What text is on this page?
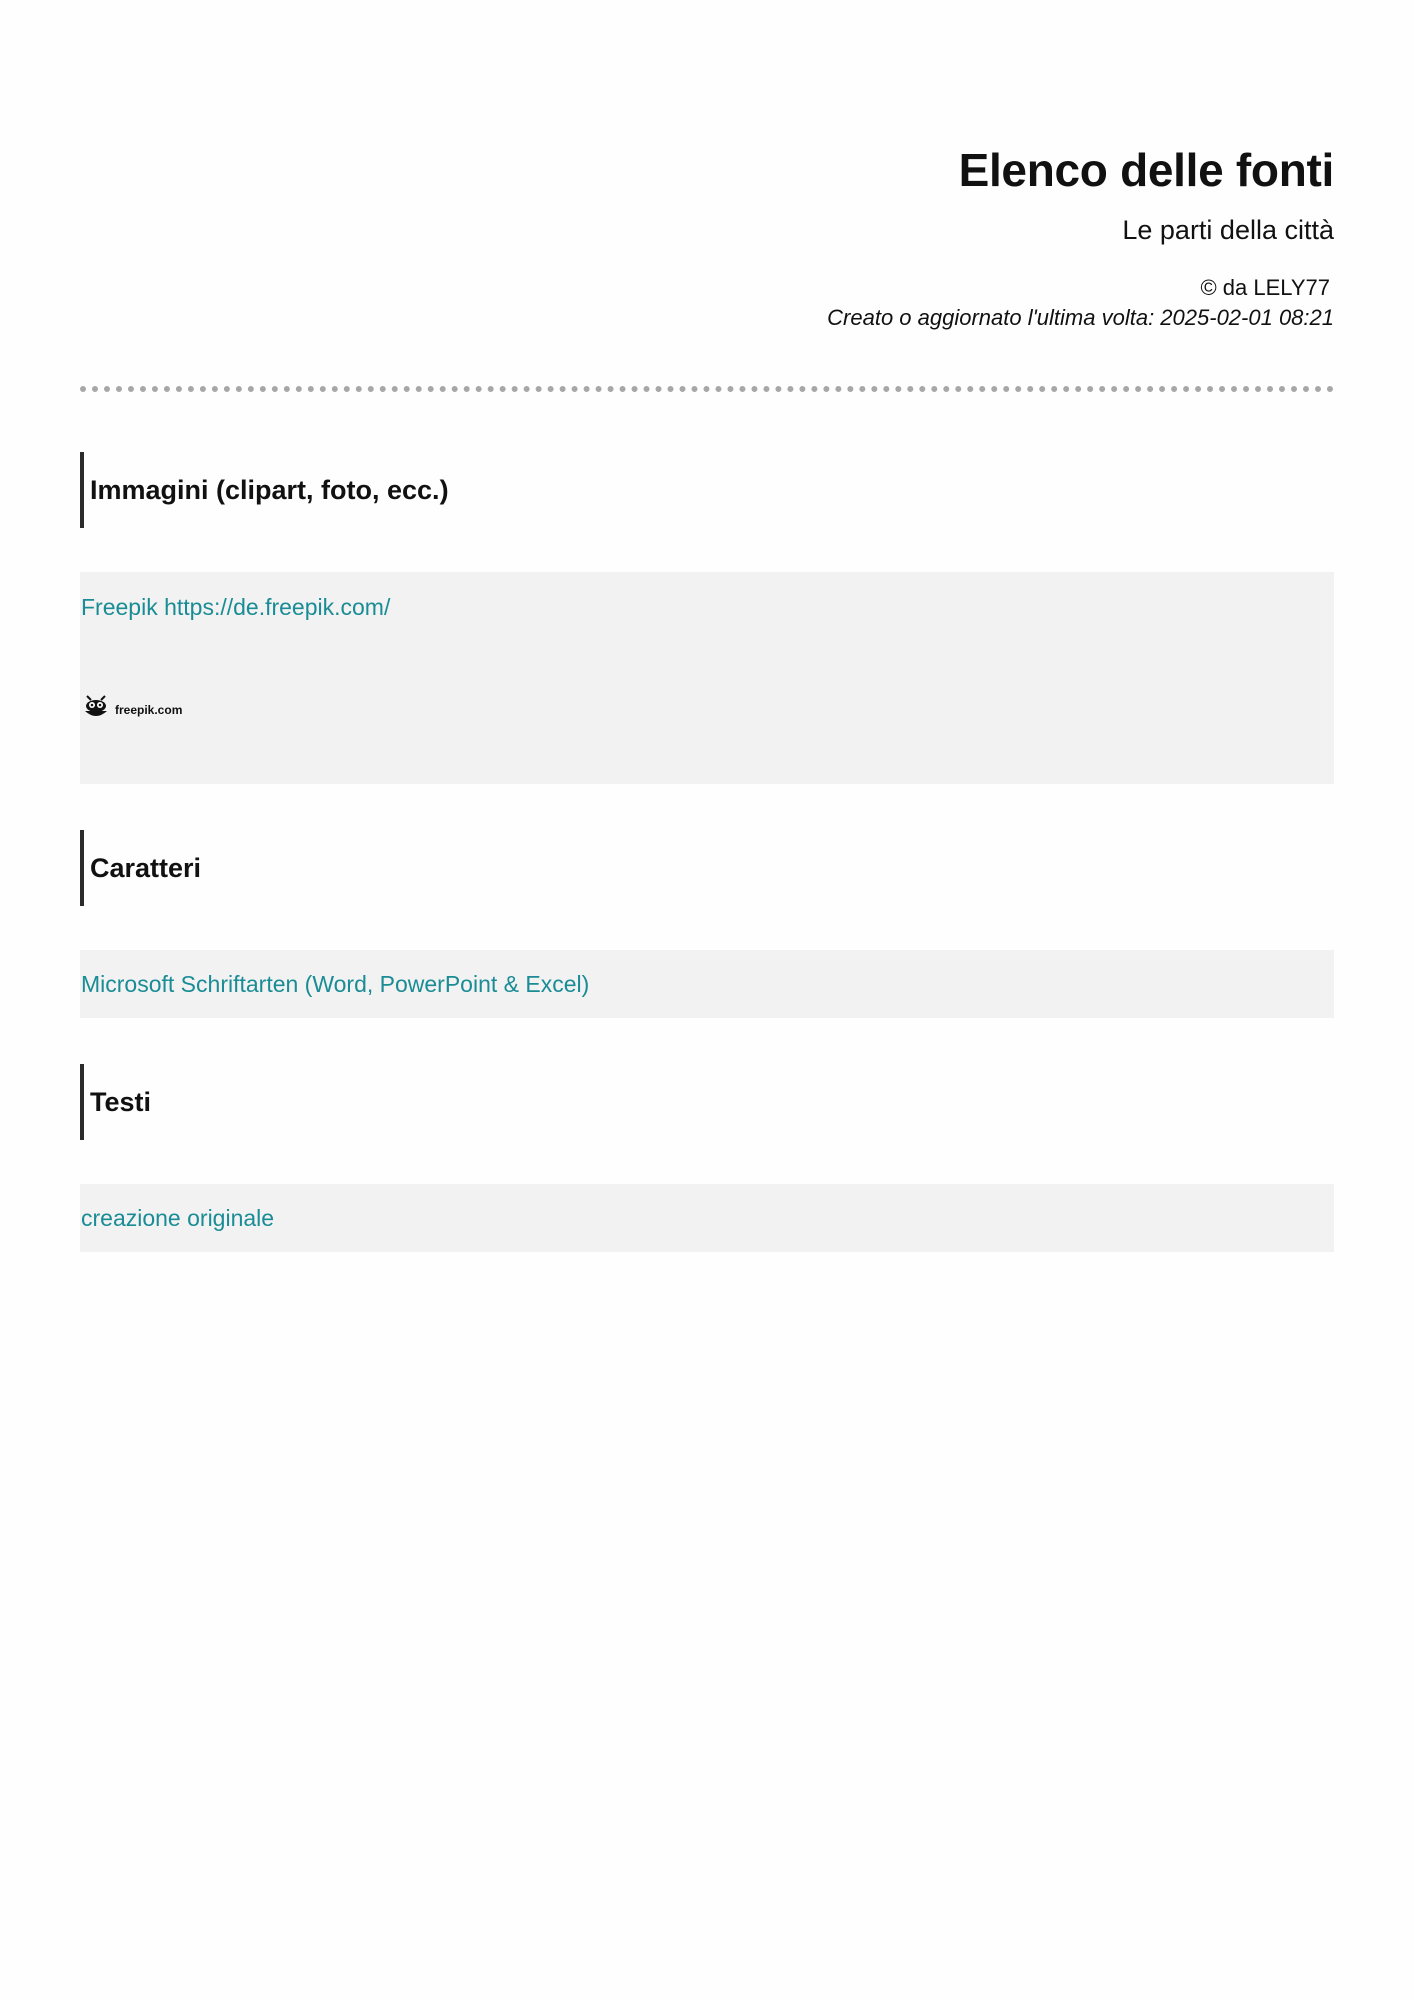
Elenco delle fonti
Le parti della città
© da LELY77
Creato o aggiornato l'ultima volta: 2025-02-01 08:21
Immagini (clipart, foto, ecc.)
Freepik https://de.freepik.com/
freepik.com
Caratteri
Microsoft Schriftarten (Word, PowerPoint & Excel)
Testi
creazione originale
